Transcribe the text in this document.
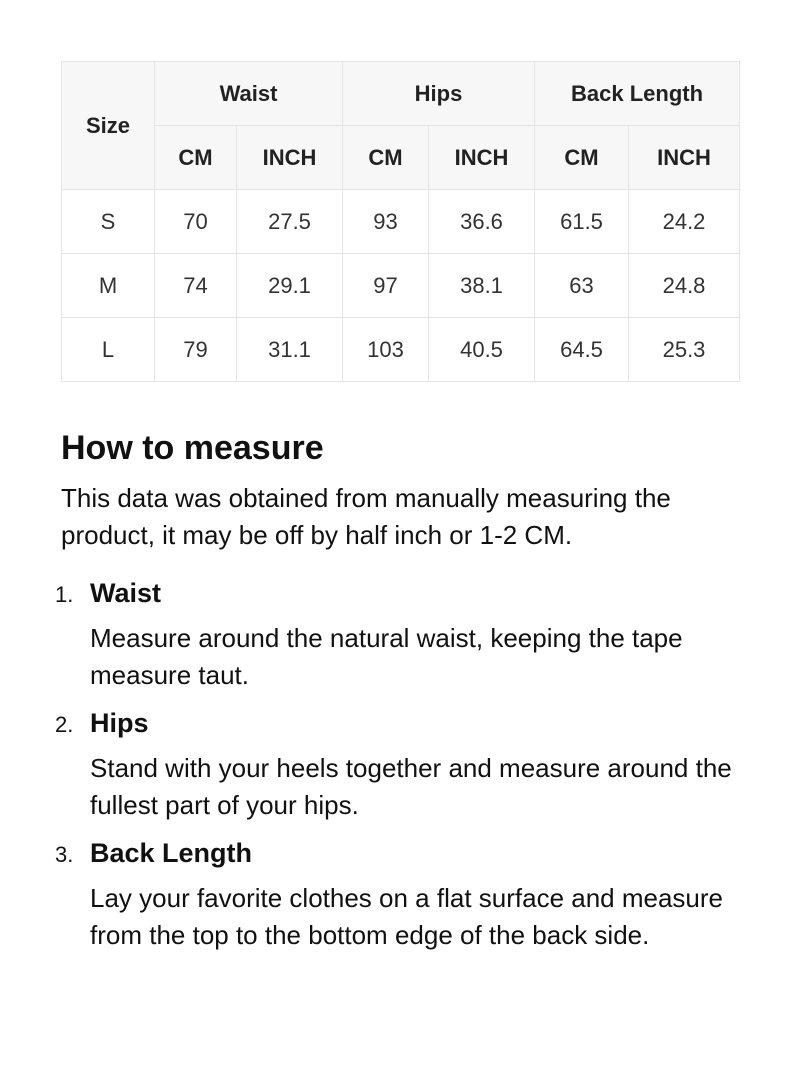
Size	Waist		Hips		Back Length	
	CM	INCH	CM	INCH	CM	INCH
S	70	27.5	93	36.6	61.5	24.2
M	74	29.1	97	38.1	63	24.8
L	79	31.1	103	40.5	64.5	25.3
How to measure

This data was obtained from manually measuring the product, it may be off by half inch or 1-2 CM.

1. Waist

Measure around the natural waist, keeping the tape measure taut.

2. Hips

Stand with your heels together and measure around the fullest part of your hips.

3. Back Length

Lay your favorite clothes on a flat surface and measure from the top to the bottom edge of the back side.
